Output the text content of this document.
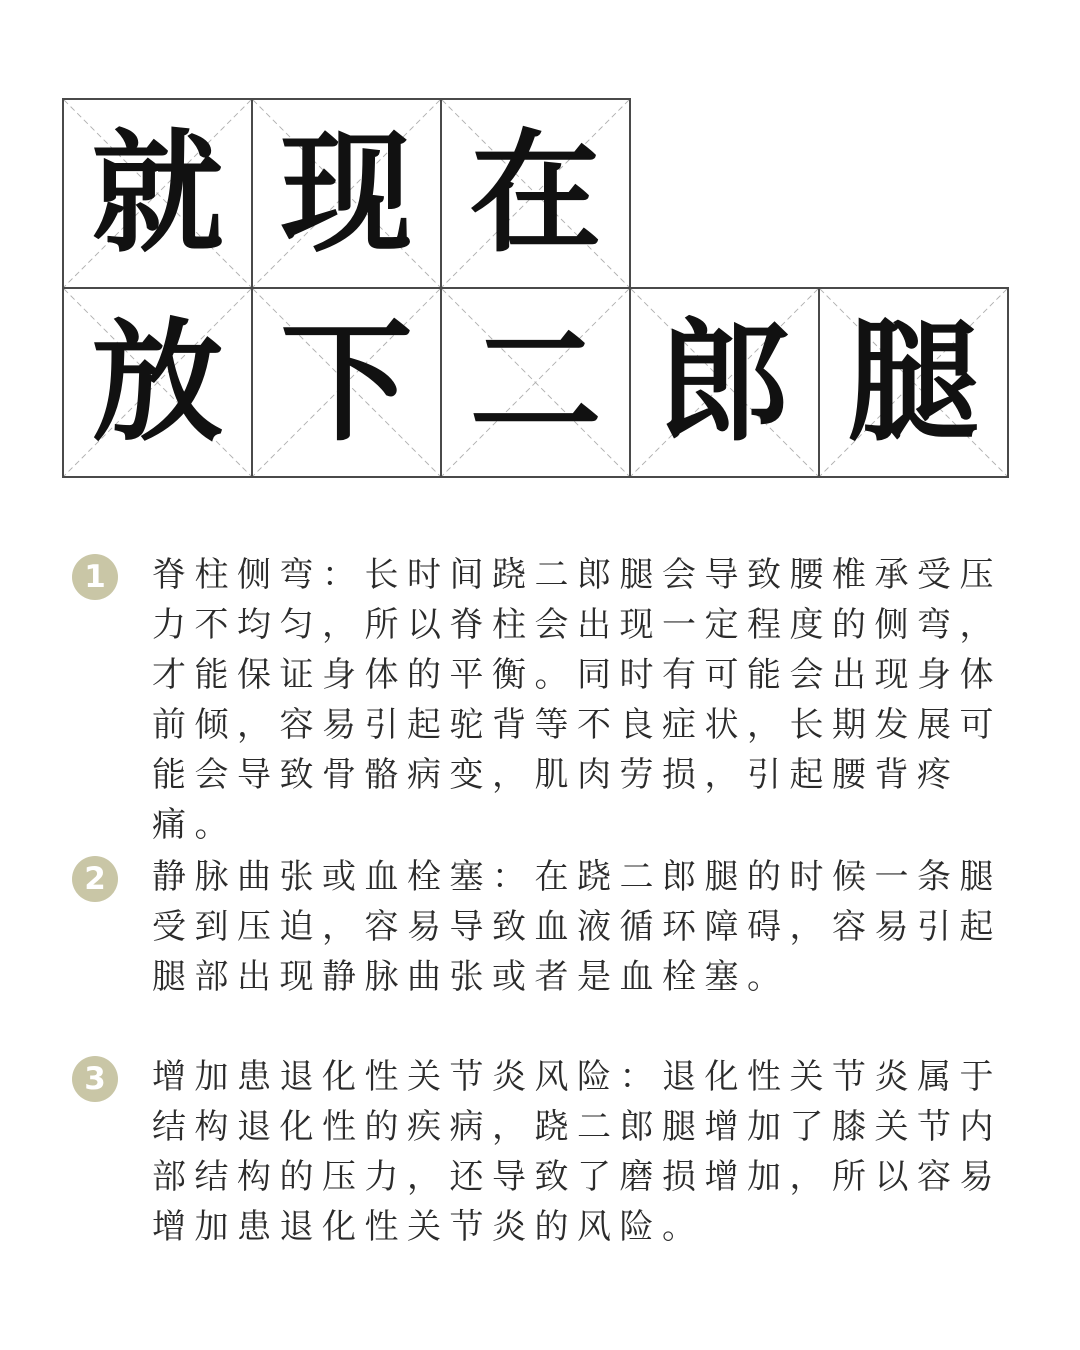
就 现 在
放 下 二 郎 腿
1	脊柱侧弯：长时间跷二郎腿会导致腰椎承受压力不均匀，所以脊柱会出现一定程度的侧弯，才能保证身体的平衡。同时有可能会出现身体前倾，容易引起驼背等不良症状，长期发展可能会导致骨骼病变，肌肉劳损，引起腰背疼痛。

2	静脉曲张或血栓塞：在跷二郎腿的时候一条腿受到压迫，容易导致血液循环障碍，容易引起腿部出现静脉曲张或者是血栓塞。

3	增加患退化性关节炎风险：退化性关节炎属于结构退化性的疾病，跷二郎腿增加了膝关节内部结构的压力，还导致了磨损增加，所以容易增加患退化性关节炎的风险。
